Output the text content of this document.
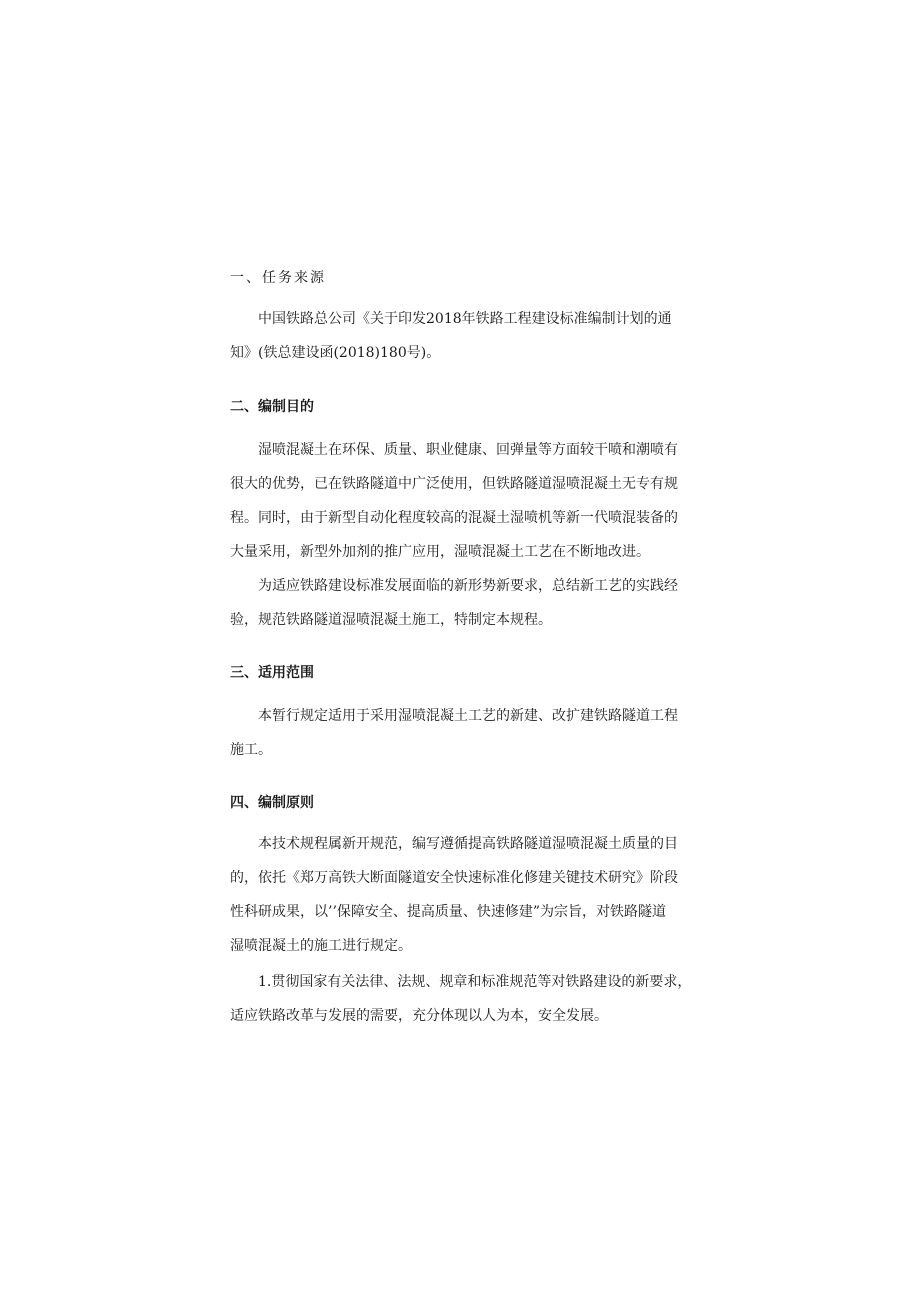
一、任务来源
中国铁路总公司《关于印发2018年铁路工程建设标准编制计划的通
知》(铁总建设函(2018)180号)。
二、编制目的
湿喷混凝土在环保、质量、职业健康、回弹量等方面较干喷和潮喷有
很大的优势，已在铁路隧道中广泛使用，但铁路隧道湿喷混凝土无专有规
程。同时，由于新型自动化程度较高的混凝土湿喷机等新一代喷混装备的
大量采用，新型外加剂的推广应用，湿喷混凝土工艺在不断地改进。
为适应铁路建设标准发展面临的新形势新要求，总结新工艺的实践经
验，规范铁路隧道湿喷混凝土施工，特制定本规程。
三、适用范围
本暂行规定适用于采用湿喷混凝土工艺的新建、改扩建铁路隧道工程
施工。
四、编制原则
本技术规程属新开规范，编写遵循提高铁路隧道湿喷混凝土质量的目
的，依托《郑万高铁大断面隧道安全快速标准化修建关键技术研究》阶段
性科研成果，以’’保障安全、提高质量、快速修建”为宗旨，对铁路隧道
湿喷混凝土的施工进行规定。
1.贯彻国家有关法律、法规、规章和标准规范等对铁路建设的新要求，
适应铁路改革与发展的需要，充分体现以人为本，安全发展。
